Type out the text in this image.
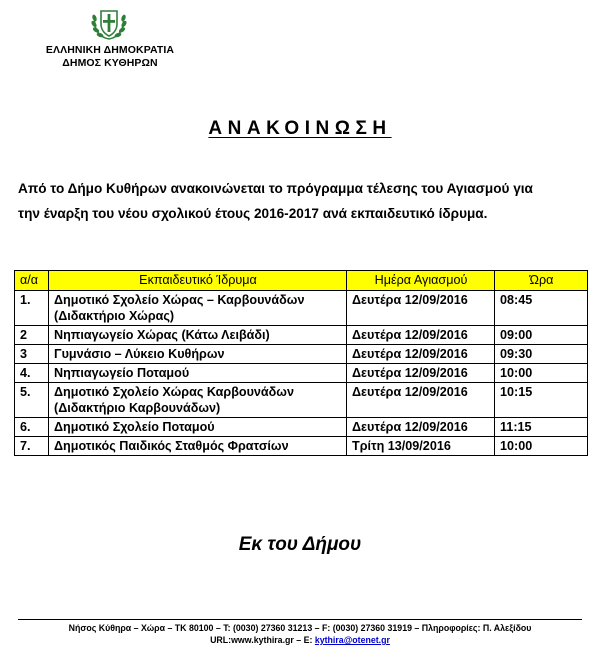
ΕΛΛΗΝΙΚΗ ΔΗΜΟΚΡΑΤΙΑ
ΔΗΜΟΣ ΚΥΘΗΡΩΝ
ΑΝΑΚΟΙΝΩΣΗ
Από το Δήμο Κυθήρων ανακοινώνεται το πρόγραμμα τέλεσης του Αγιασμού για
την έναρξη του νέου σχολικού έτους 2016-2017 ανά εκπαιδευτικό ίδρυμα.
α/α	Εκπαιδευτικό Ίδρυμα	Ημέρα Αγιασμού	Ώρα
1.	Δημοτικό Σχολείο Χώρας – Καρβουνάδων
(Διδακτήριο Χώρας)	Δευτέρα 12/09/2016	08:45
2	Νηπιαγωγείο Χώρας (Κάτω Λειβάδι)	Δευτέρα 12/09/2016	09:00
3	Γυμνάσιο – Λύκειο Κυθήρων	Δευτέρα 12/09/2016	09:30
4.	Νηπιαγωγείο Ποταμού	Δευτέρα 12/09/2016	10:00
5.	Δημοτικό Σχολείο Χώρας Καρβουνάδων
(Διδακτήριο Καρβουνάδων)	Δευτέρα 12/09/2016	10:15
6.	Δημοτικό Σχολείο Ποταμού	Δευτέρα 12/09/2016	11:15
7.	Δημοτικός Παιδικός Σταθμός Φρατσίων	Τρίτη 13/09/2016	10:00
Εκ του Δήμου
Νήσος Κύθηρα – Χώρα – ΤΚ 80100 – Τ: (0030) 27360 31213 – F: (0030) 27360 31919 – Πληροφορίες: Π. Αλεξίδου
URL:www.kythira.gr – E: kythira@otenet.gr
